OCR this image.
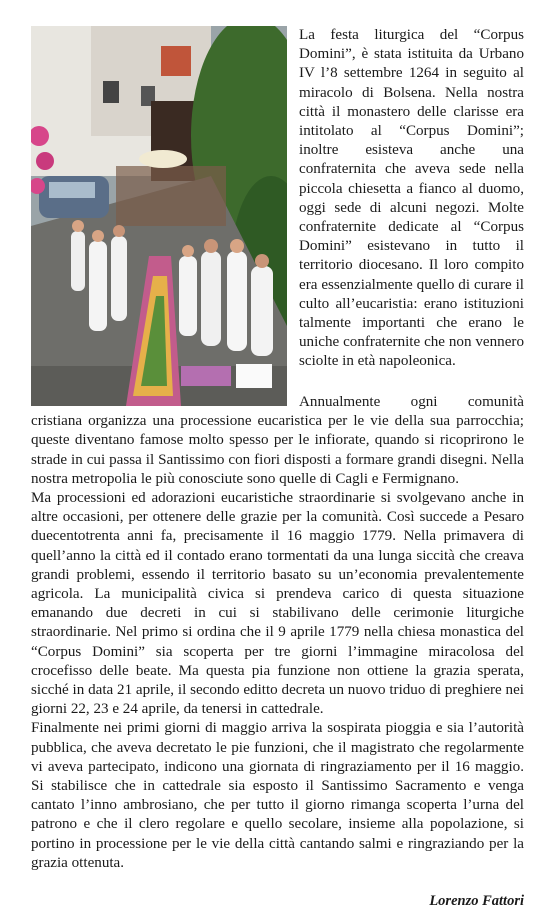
La festa liturgica del “Corpus Domini”, è stata istituita da Urbano IV l’8 settembre 1264 in seguito al miracolo di Bolsena. Nella nostra città il monastero delle clarisse era intitolato al “Corpus Domini”; inoltre esisteva anche una confraternita che aveva sede nella piccola chiesetta a fianco al duomo, oggi sede di alcuni negozi. Molte confraternite dedicate al “Corpus Domini” esistevano in tutto il territorio diocesano. Il loro compito era essenzialmente quello di curare il culto all’eucaristia: erano istituzioni talmente importanti che erano le uniche confraternite che non vennero sciolte in età napoleonica.

Annualmente ogni comunità cristiana organizza una processione eucaristica per le vie della sua parrocchia; queste diventano famose molto spesso per le infiorate, quando si ricoprirono le strade in cui passa il Santissimo con fiori disposti a formare grandi disegni. Nella nostra metropolia le più conosciute sono quelle di Cagli e Fermignano.

Ma processioni ed adorazioni eucaristiche straordinarie si svolgevano anche in altre occasioni, per ottenere delle grazie per la comunità. Così succede a Pesaro duecentotrenta anni fa, precisamente il 16 maggio 1779. Nella primavera di quell’anno la città ed il contado erano tormentati da una lunga siccità che creava grandi problemi, essendo il territorio basato su un’economia prevalentemente agricola. La municipalità civica si prendeva carico di questa situazione emanando due decreti in cui si stabilivano delle cerimonie liturgiche straordinarie. Nel primo si ordina che il 9 aprile 1779 nella chiesa monastica del “Corpus Domini” sia scoperta per tre giorni l’immagine miracolosa del crocefisso delle beate. Ma questa pia funzione non ottiene la grazia sperata, sicché in data 21 aprile, il secondo editto decreta un nuovo triduo di preghiere nei giorni 22, 23 e 24 aprile, da tenersi in cattedrale.

Finalmente nei primi giorni di maggio arriva la sospirata pioggia e sia l’autorità pubblica, che aveva decretato le pie funzioni, che il magistrato che regolarmente vi aveva partecipato, indicono una giornata di ringraziamento per il 16 maggio. Si stabilisce che in cattedrale sia esposto il Santissimo Sacramento e venga cantato l’inno ambrosiano, che per tutto il giorno rimanga scoperta l’urna del patrono e che il clero regolare e quello secolare, insieme alla popolazione, si portino in processione per le vie della città cantando salmi e ringraziando per la grazia ottenuta.

Lorenzo Fattori
